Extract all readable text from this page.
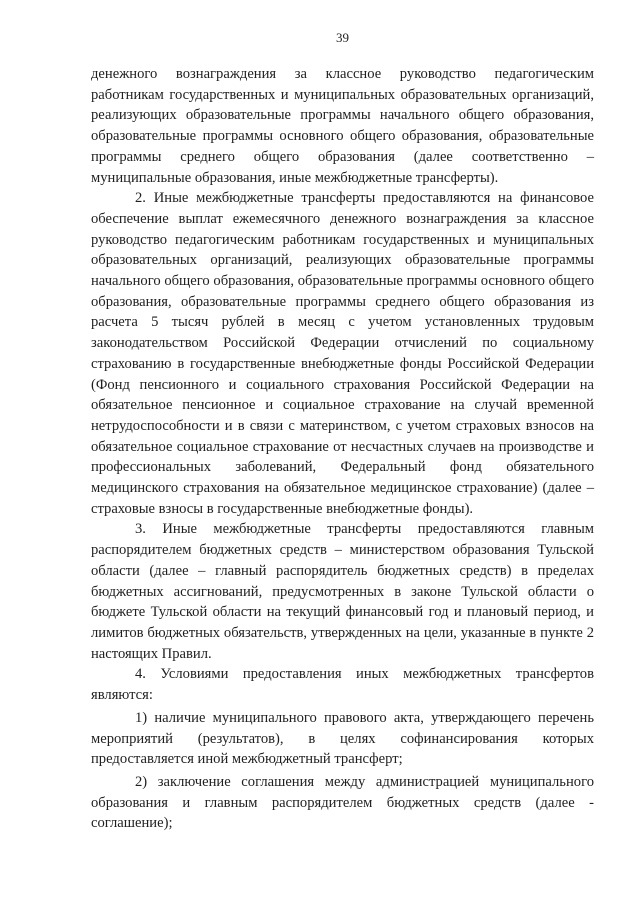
39

денежного вознаграждения за классное руководство педагогическим работникам государственных и муниципальных образовательных организаций, реализующих образовательные программы начального общего образования, образовательные программы основного общего образования, образовательные программы среднего общего образования (далее соответственно – муниципальные образования, иные межбюджетные трансферты).

2. Иные межбюджетные трансферты предоставляются на финансовое обеспечение выплат ежемесячного денежного вознаграждения за классное руководство педагогическим работникам государственных и муниципальных образовательных организаций, реализующих образовательные программы начального общего образования, образовательные программы основного общего образования, образовательные программы среднего общего образования из расчета 5 тысяч рублей в месяц с учетом установленных трудовым законодательством Российской Федерации отчислений по социальному страхованию в государственные внебюджетные фонды Российской Федерации (Фонд пенсионного и социального страхования Российской Федерации на обязательное пенсионное и социальное страхование на случай временной нетрудоспособности и в связи с материнством, с учетом страховых взносов на обязательное социальное страхование от несчастных случаев на производстве и профессиональных заболеваний, Федеральный фонд обязательного медицинского страхования на обязательное медицинское страхование) (далее – страховые взносы в государственные внебюджетные фонды).

3. Иные межбюджетные трансферты предоставляются главным распорядителем бюджетных средств – министерством образования Тульской области (далее – главный распорядитель бюджетных средств) в пределах бюджетных ассигнований, предусмотренных в законе Тульской области о бюджете Тульской области на текущий финансовый год и плановый период, и лимитов бюджетных обязательств, утвержденных на цели, указанные в пункте 2 настоящих Правил.

4. Условиями предоставления иных межбюджетных трансфертов являются:

1) наличие муниципального правового акта, утверждающего перечень мероприятий (результатов), в целях софинансирования которых предоставляется иной межбюджетный трансферт;

2) заключение соглашения между администрацией муниципального образования и главным распорядителем бюджетных средств (далее - соглашение);
